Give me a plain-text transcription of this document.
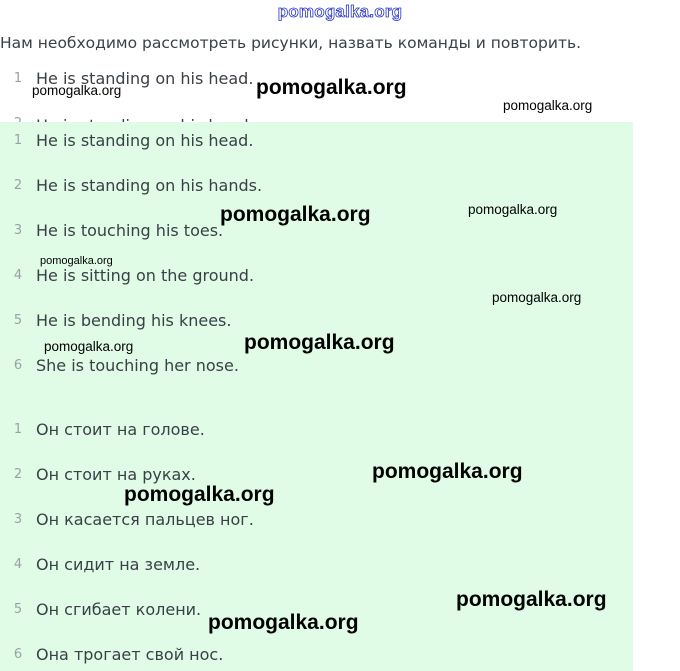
pomogalka.org
Нам необходимо рассмотреть рисунки, назвать команды и повторить.
1 He is standing on his head.
1 He is standing on his head.
2 He is standing on his hands.
3 He is touching his toes.
4 He is sitting on the ground.
5 He is bending his knees.
6 She is touching her nose.
1 Он стоит на голове.
2 Он стоит на руках.
3 Он касается пальцев ног.
4 Он сидит на земле.
5 Он сгибает колени.
6 Она трогает свой нос.
pomogalka.org
pomogalka.org
pomogalka.org
pomogalka.org	pomogalka.org
pomogalka.org
pomogalka.org
pomogalka.org
pomogalka.org
pomogalka.org
pomogalka.org
pomogalka.org
pomogalka.org
